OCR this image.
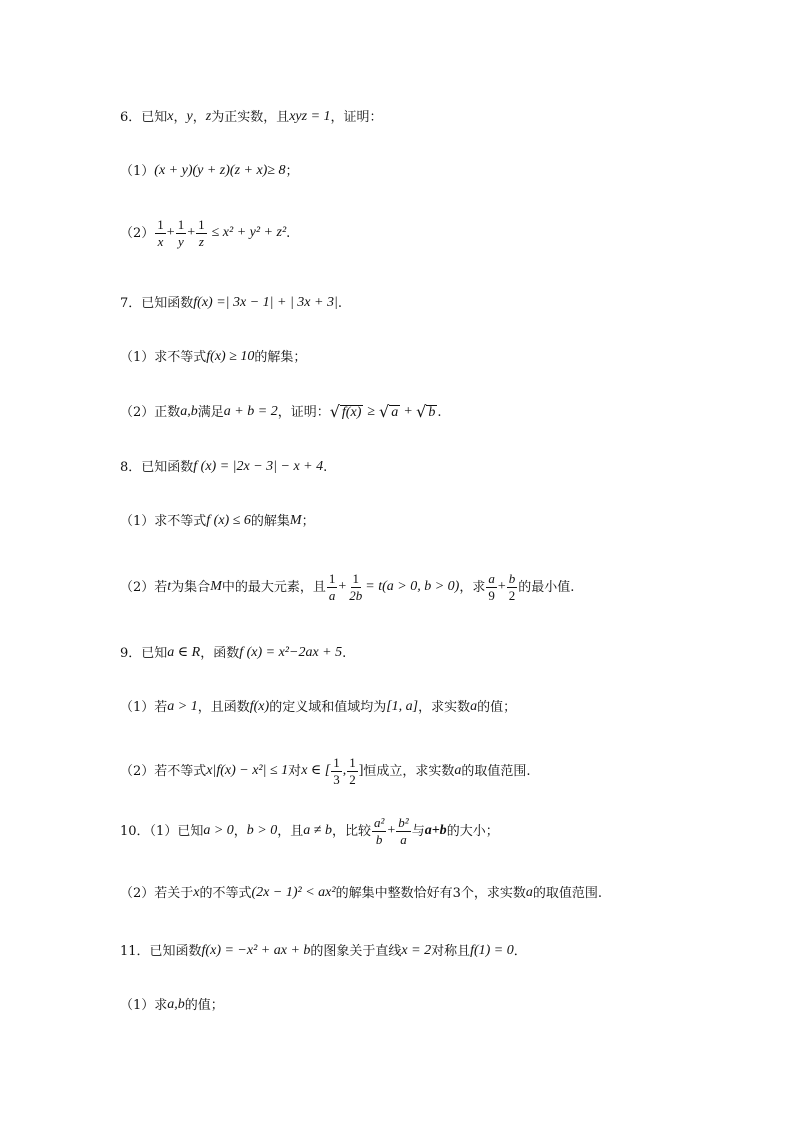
6．已知 x ， y ， z 为正实数，且 xyz = 1 ，证明：
（1） (x + y)(y + z)(z + x)≥ 8 ；
$(2) \frac{1}{x} + \frac{1}{y} + \frac{1}{z} \le x^2 + y^2 + z^2$ .
7．已知函数 f(x) =| 3x − 1| + | 3x + 3| .
（1）求不等式 f(x) ≥ 10 的解集；
（2）正数 a,b 满足 a + b = 2 ，证明： √ f(x) ≥ √ a + √ b .
8．已知函数 f (x) = |2x − 3| − x + 4 .
（1）求不等式 f (x) ≤ 6 的解集 M ；
（2）若 t 为集合 M 中的最大元素，且 $\frac{1}{a} + \frac{1}{2b} = t(a > 0$, b > 0) ，求 $\frac{a}{9} + \frac{b}{2}$ 的最小值.
9．已知 a ∈ R ，函数 f (x) = x²−2ax + 5 .
（1）若 a > 1 ，且函数 f(x) 的定义域和值域均为 [1, a] ，求实数 a 的值；
（2）若不等式 x|f(x) − x²| ≤ 1 对 x ∈ [ $\frac{1}{3}$ , $\frac{1}{2}$ ] 恒成立，求实数 a 的取值范围.
10．（1）已知 a > 0 ， b > 0 ，且 a ≠ b ，比较 $\frac{\text{a²}}{b} + \frac{\text{b²}}{a}$ 与 a+b 的大小；
（2）若关于 x 的不等式 (2x − 1)² < ax² 的解集中整数恰好有3个，求实数 a 的取值范围.
11．已知函数 f(x) = −x² + ax + b 的图象关于直线 x = 2 对称且 f(1) = 0 ．
（1）求 a,b 的值；
